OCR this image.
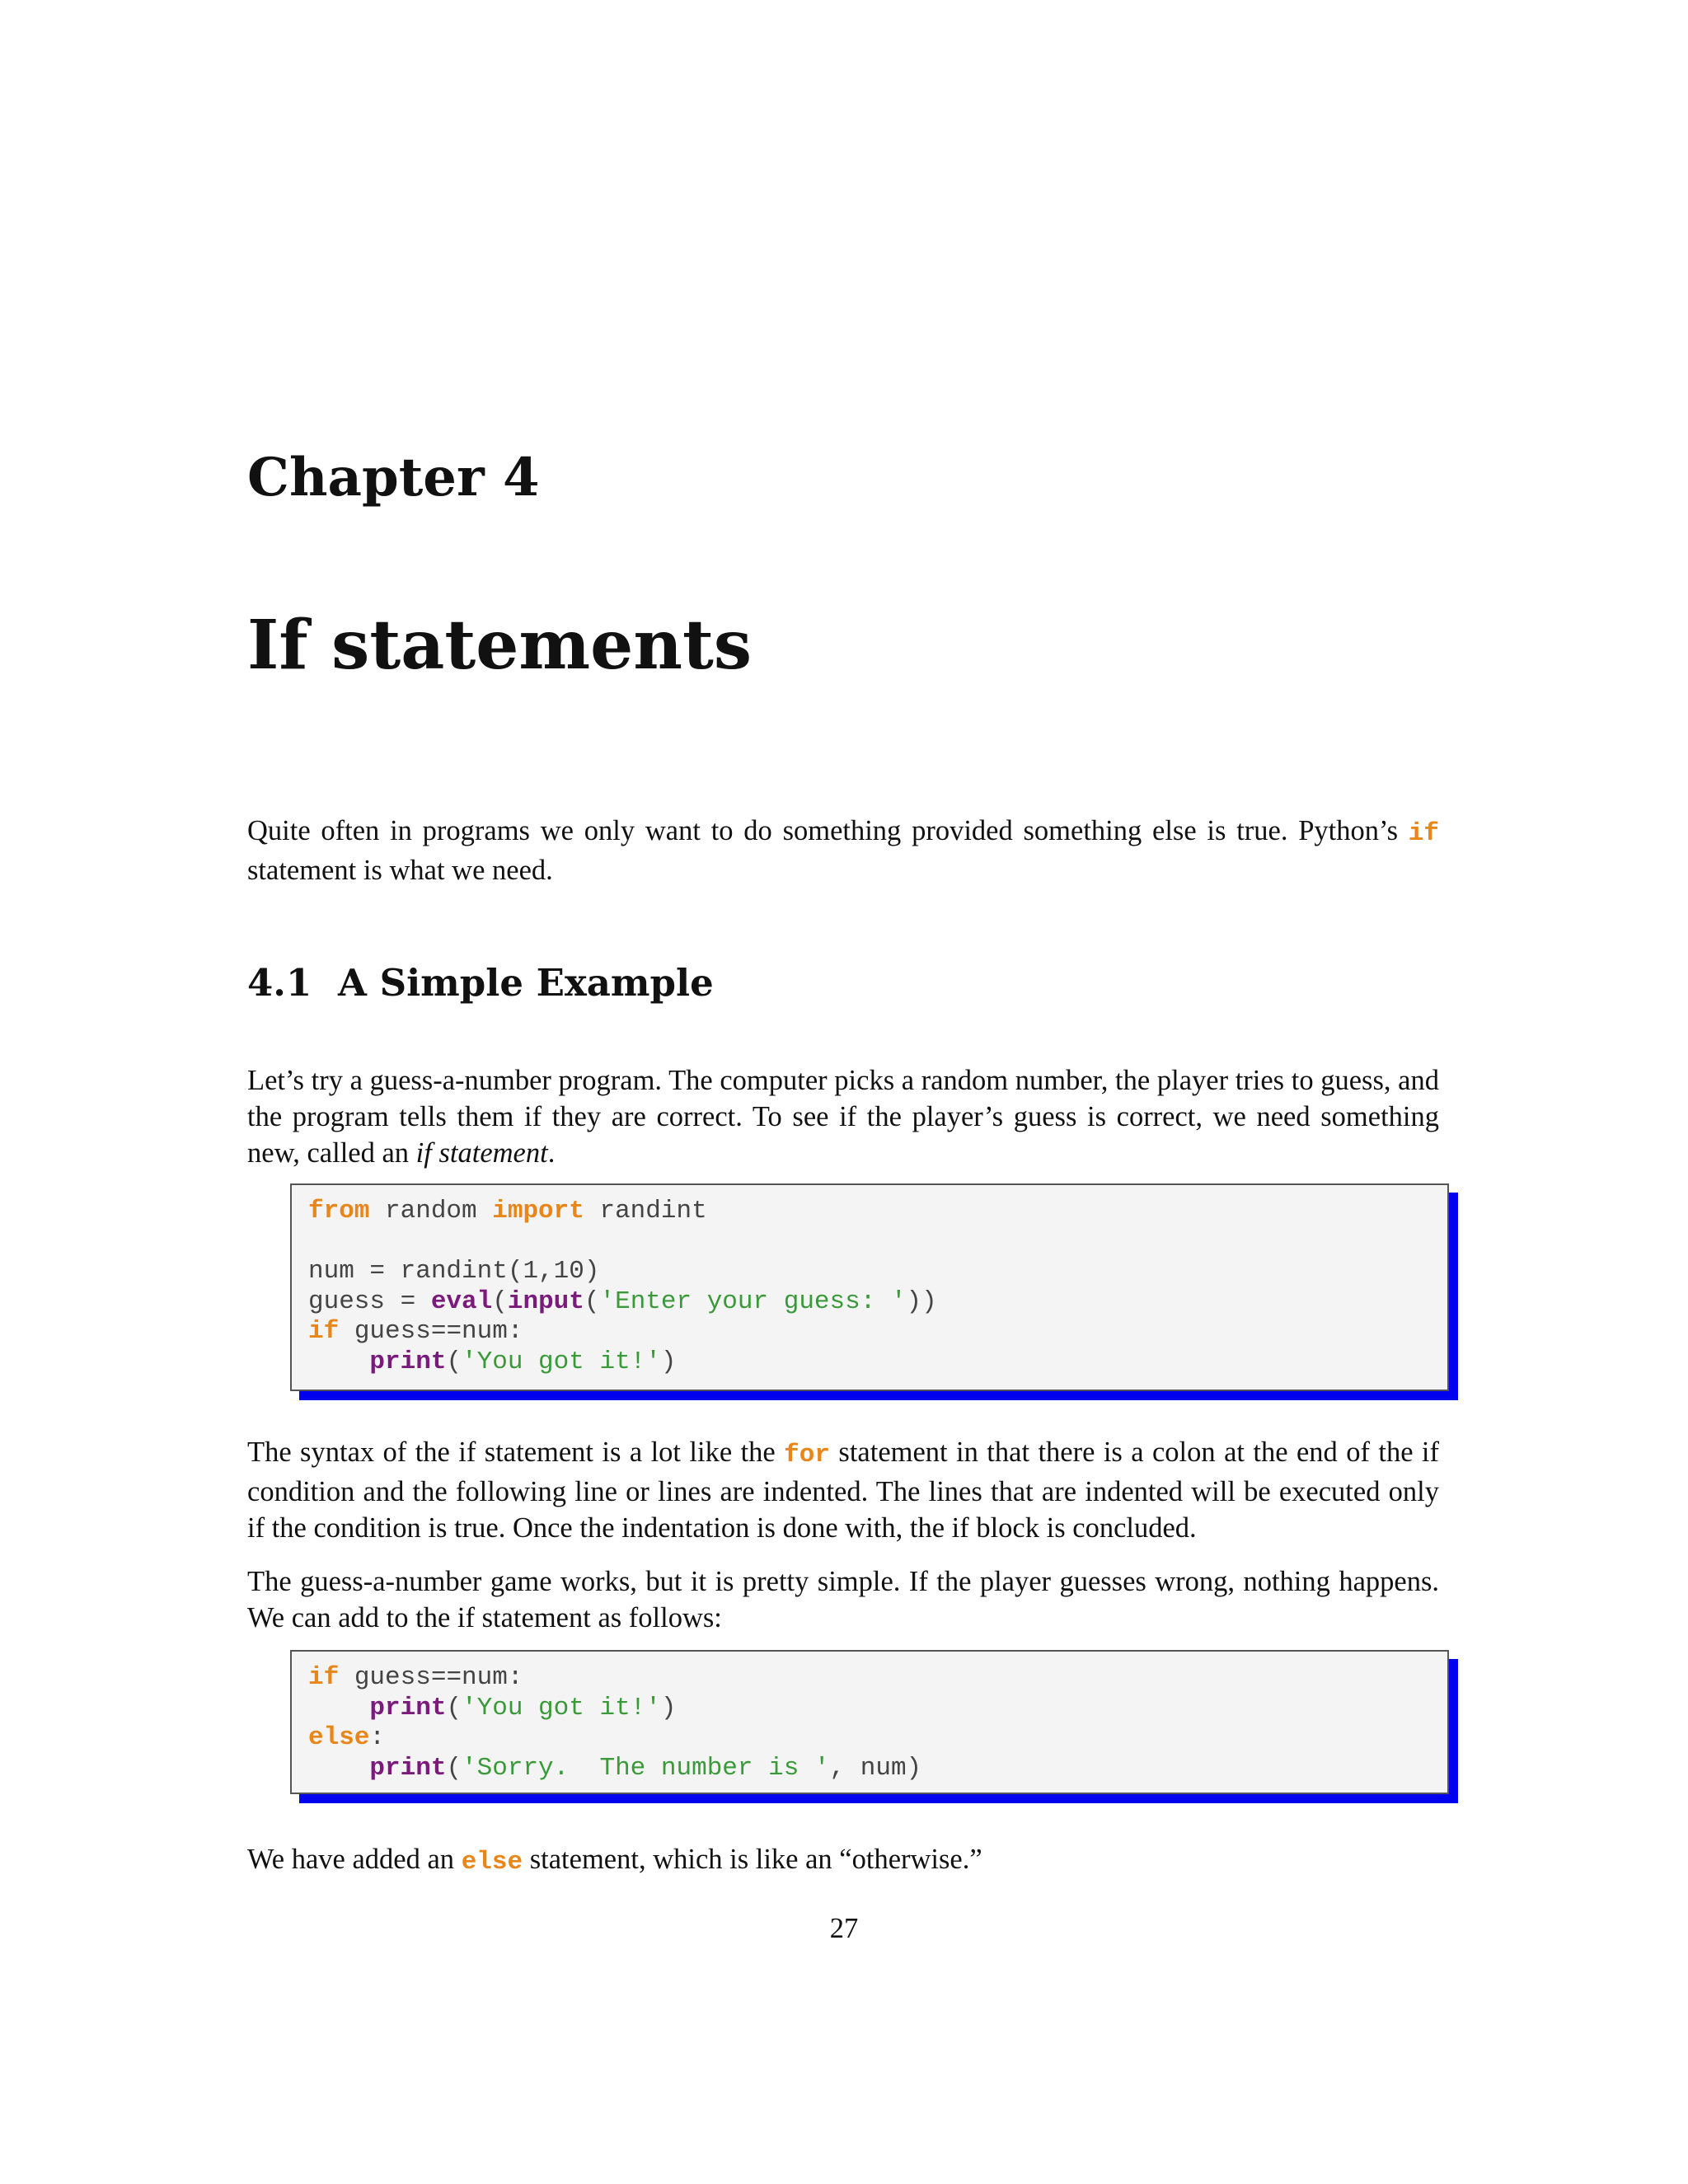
Chapter 4
If statements

Quite often in programs we only want to do something provided something else is true. Python’s if statement is what we need.

4.1 A Simple Example

Let’s try a guess-a-number program. The computer picks a random number, the player tries to guess, and the program tells them if they are correct. To see if the player’s guess is correct, we need something new, called an if statement.

from random import randint
num = randint(1,10)
guess = eval(input('Enter your guess: '))
if guess==num:
print('You got it!')

The syntax of the if statement is a lot like the for statement in that there is a colon at the end of the if condition and the following line or lines are indented. The lines that are indented will be executed only if the condition is true. Once the indentation is done with, the if block is concluded.

The guess-a-number game works, but it is pretty simple. If the player guesses wrong, nothing happens. We can add to the if statement as follows:

if guess==num:
print('You got it!')
else:
print('Sorry.  The number is ', num)

We have added an else statement, which is like an “otherwise.”

27
